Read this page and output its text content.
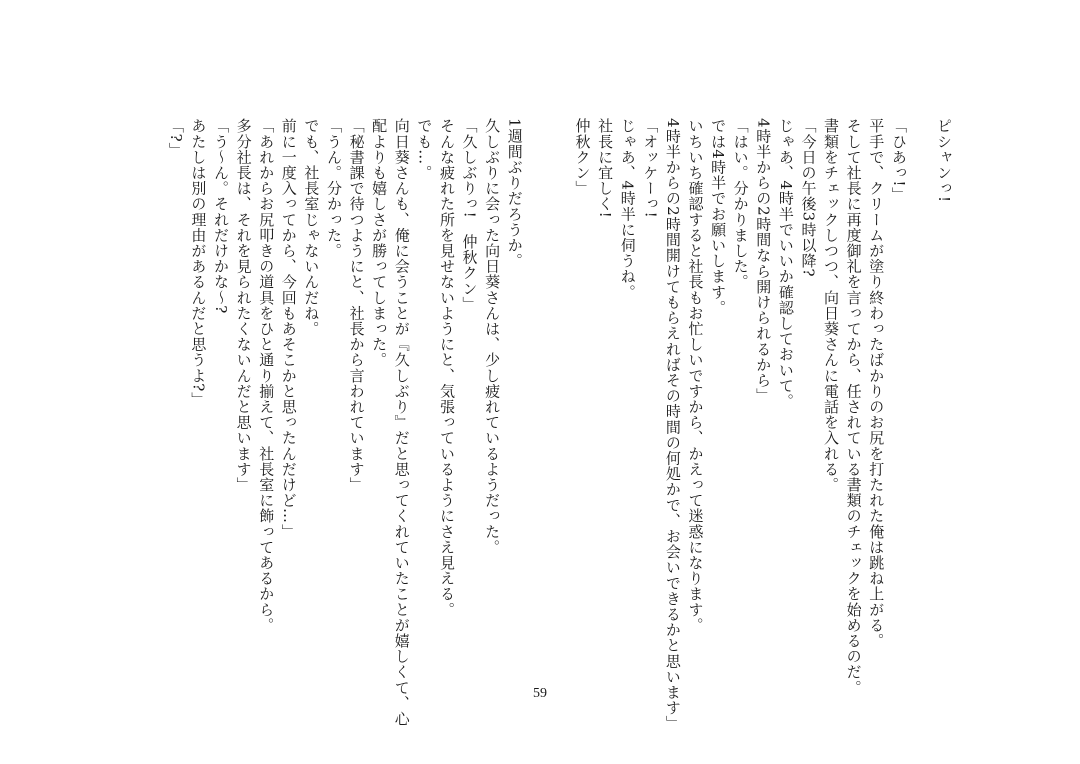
ピシャンっ!

「ひあっ!」
平手で、クリームが塗り終わったばかりのお尻を打たれた俺は跳ね上がる。
そして社長に再度御礼を言ってから、任されている書類のチェックを始めるのだ。
書類をチェックしつつ、向日葵さんに電話を入れる。
「今日の午後3時以降?
じゃあ、4時半でいいか確認しておいて。
4時半からの2時間なら開けられるから」
「はい。分かりました。
では4時半でお願いします。
いちいち確認すると社長もお忙しいですから、かえって迷惑になります。
4時半からの2時間開けてもらえればその時間の何処かで、お会いできるかと思います」
「オッケーっ!
じゃあ、4時半に伺うね。
社長に宜しく!
仲秋クン」

1週間ぶりだろうか。
久しぶりに会った向日葵さんは、少し疲れているようだった。
「久しぶりっ!　仲秋クン」
そんな疲れた所を見せないようにと、気張っているようにさえ見える。
でも…。
向日葵さんも、俺に会うことが『久しぶり』だと思ってくれていたことが嬉しくて、心
配よりも嬉しさが勝ってしまった。
「秘書課で待つようにと、社長から言われています」
「うん。分かった。
でも、社長室じゃないんだね。
前に一度入ってから、今回もあそこかと思ったんだけど…」
「あれからお尻叩きの道具をひと通り揃えて、社長室に飾ってあるから。
多分社長は、それを見られたくないんだと思います」
「う〜ん。それだけかな〜?
あたしは別の理由があるんだと思うよ?」
「?」
59
